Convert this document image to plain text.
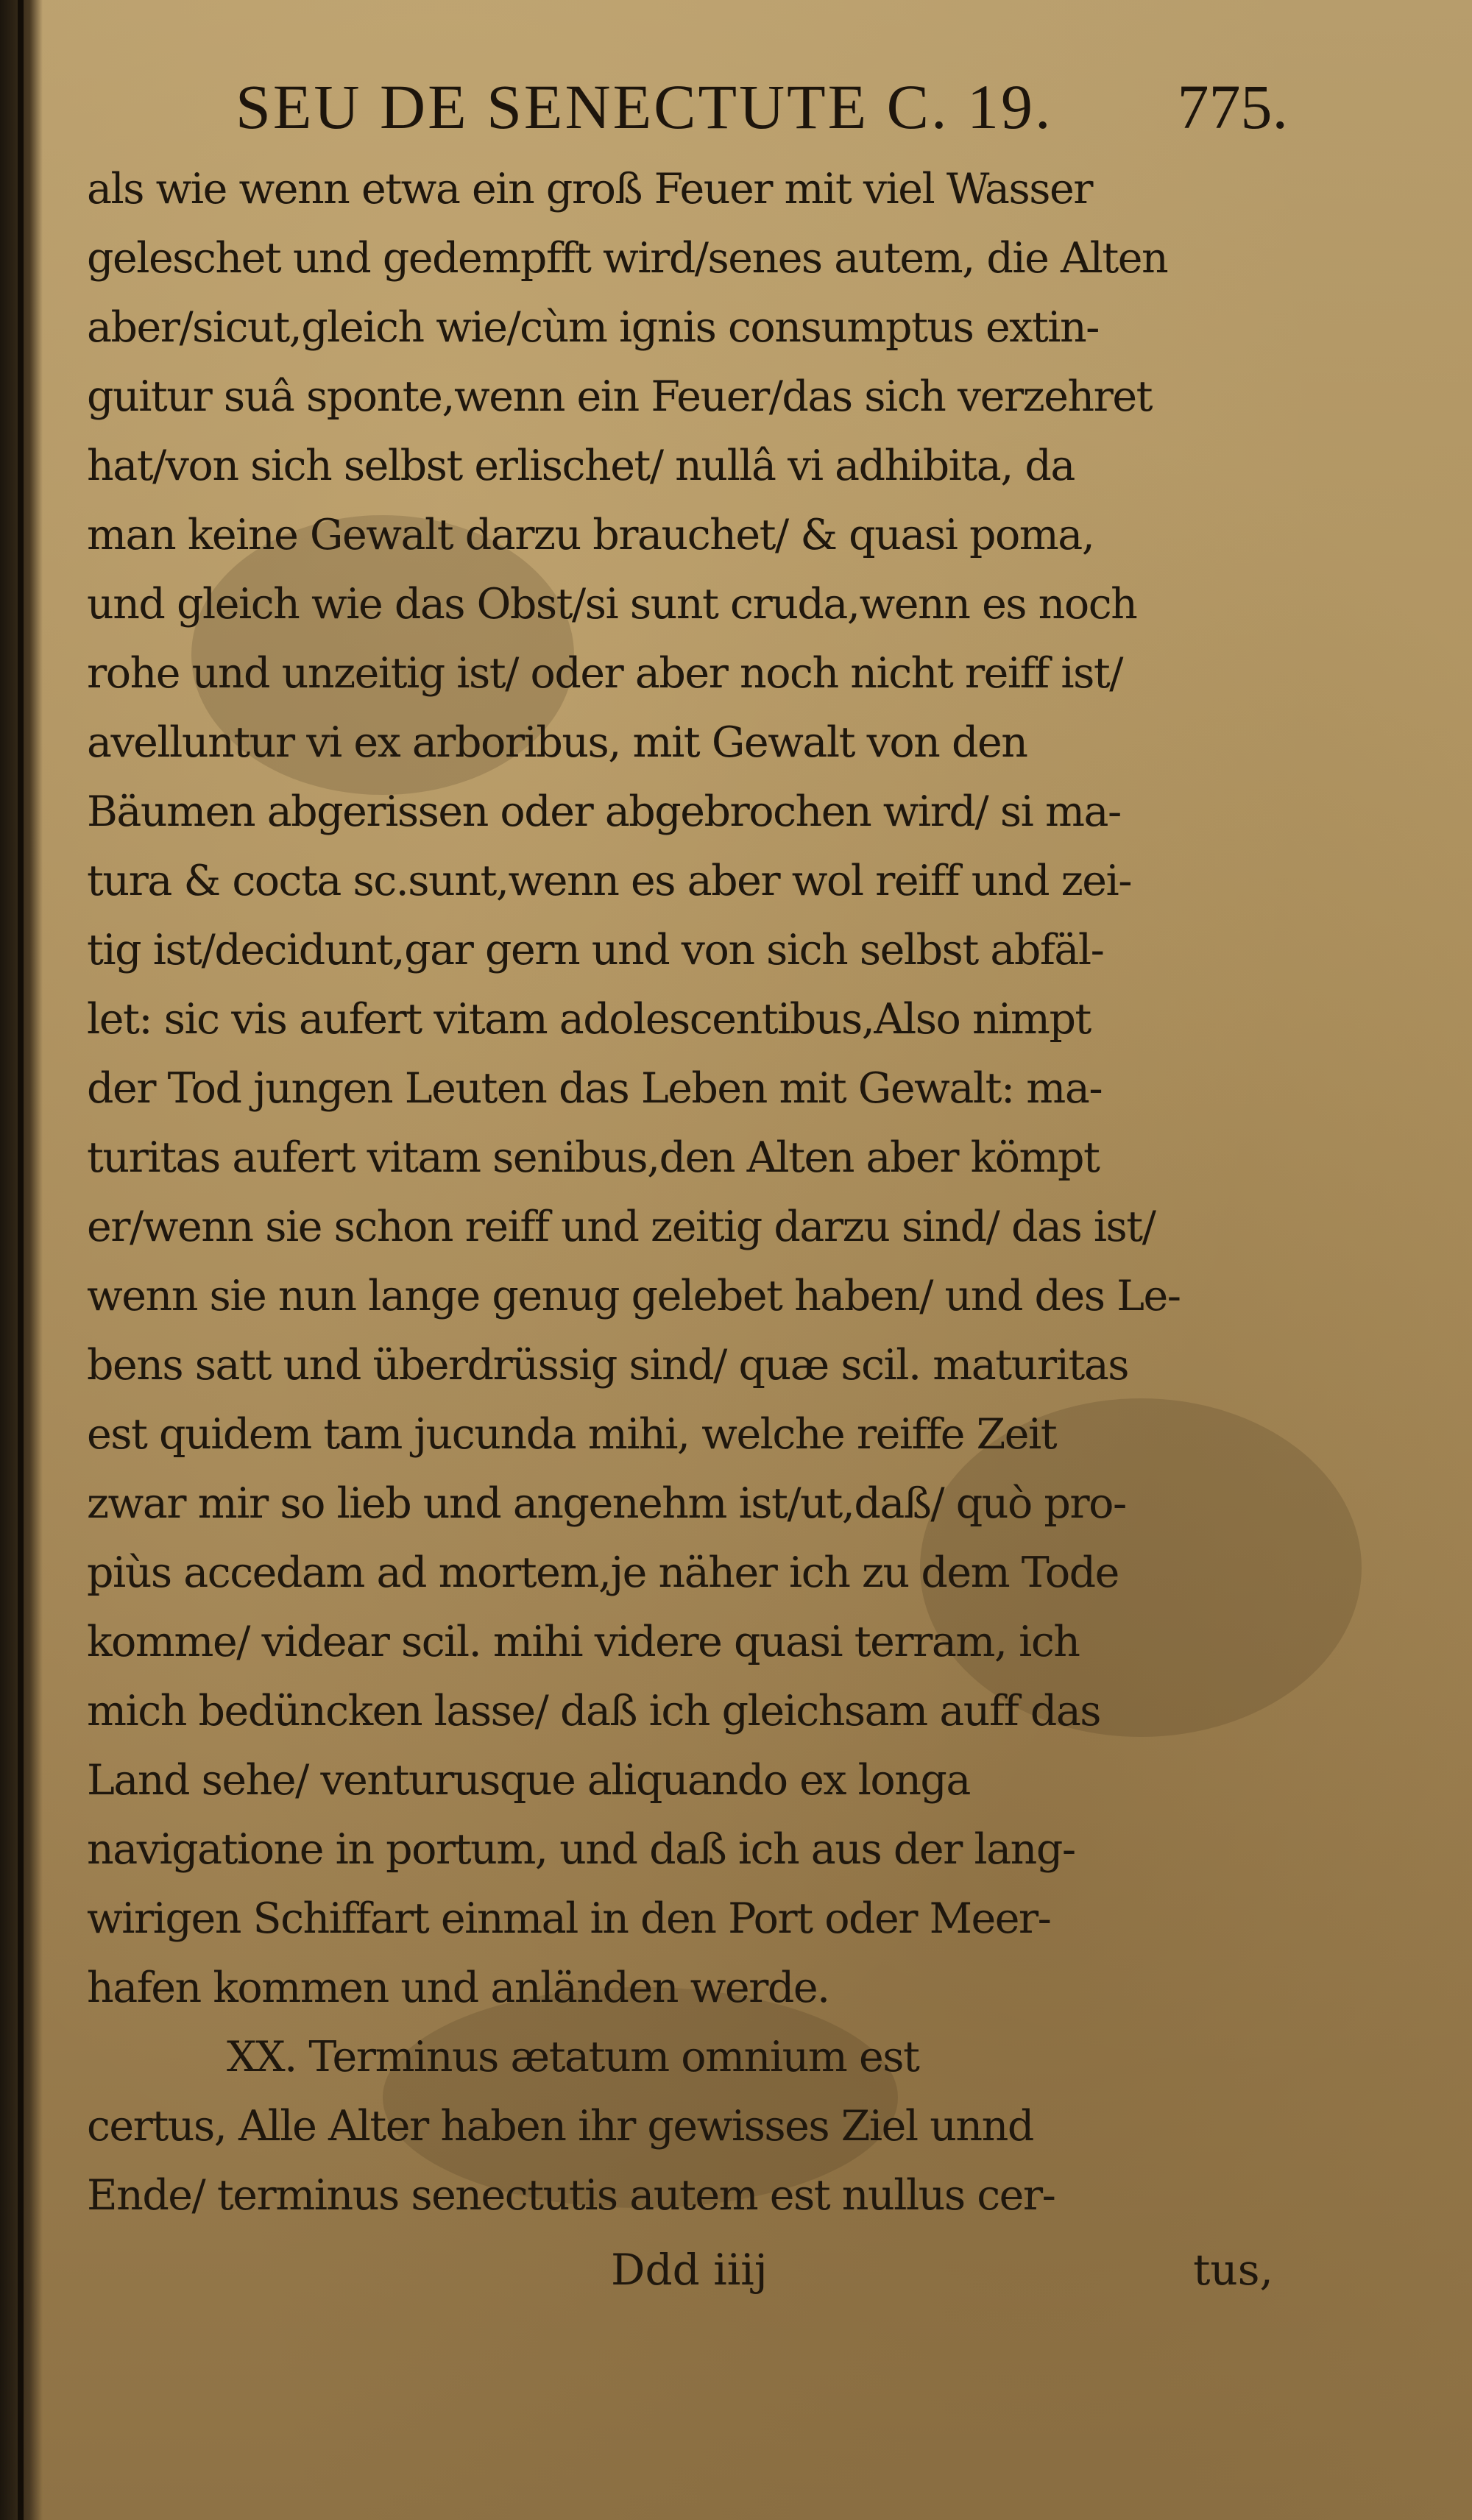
SEU DE SENECTUTE C. 19. 775.
als wie wenn etwa ein groß Feuer mit viel Wasser
geleschet und gedempfft wird/senes autem, die Alten
aber/sicut,gleich wie/cùm ignis consumptus extin-
guitur suâ sponte,wenn ein Feuer/das sich verzehret
hat/von sich selbst erlischet/ nullâ vi adhibita, da
man keine Gewalt darzu brauchet/ & quasi poma,
und gleich wie das Obst/si sunt cruda,wenn es noch
rohe und unzeitig ist/ oder aber noch nicht reiff ist/
avelluntur vi ex arboribus, mit Gewalt von den
Bäumen abgerissen oder abgebrochen wird/ si ma-
tura & cocta sc.sunt,wenn es aber wol reiff und zei-
tig ist/decidunt,gar gern und von sich selbst abfäl-
let: sic vis aufert vitam adolescentibus,Also nimpt
der Tod jungen Leuten das Leben mit Gewalt: ma-
turitas aufert vitam senibus,den Alten aber kömpt
er/wenn sie schon reiff und zeitig darzu sind/ das ist/
wenn sie nun lange genug gelebet haben/ und des Le-
bens satt und überdrüssig sind/ quæ scil. maturitas
est quidem tam jucunda mihi, welche reiffe Zeit
zwar mir so lieb und angenehm ist/ut,daß/ quò pro-
piùs accedam ad mortem,je näher ich zu dem Tode
komme/ videar scil. mihi videre quasi terram, ich
mich bedüncken lasse/ daß ich gleichsam auff das
Land sehe/ venturusque aliquando ex longa
navigatione in portum, und daß ich aus der lang-
wirigen Schiffart einmal in den Port oder Meer-
hafen kommen und anländen werde.
XX. Terminus ætatum omnium est
certus, Alle Alter haben ihr gewisses Ziel unnd
Ende/ terminus senectutis autem est nullus cer-
Ddd iiij	tus,
